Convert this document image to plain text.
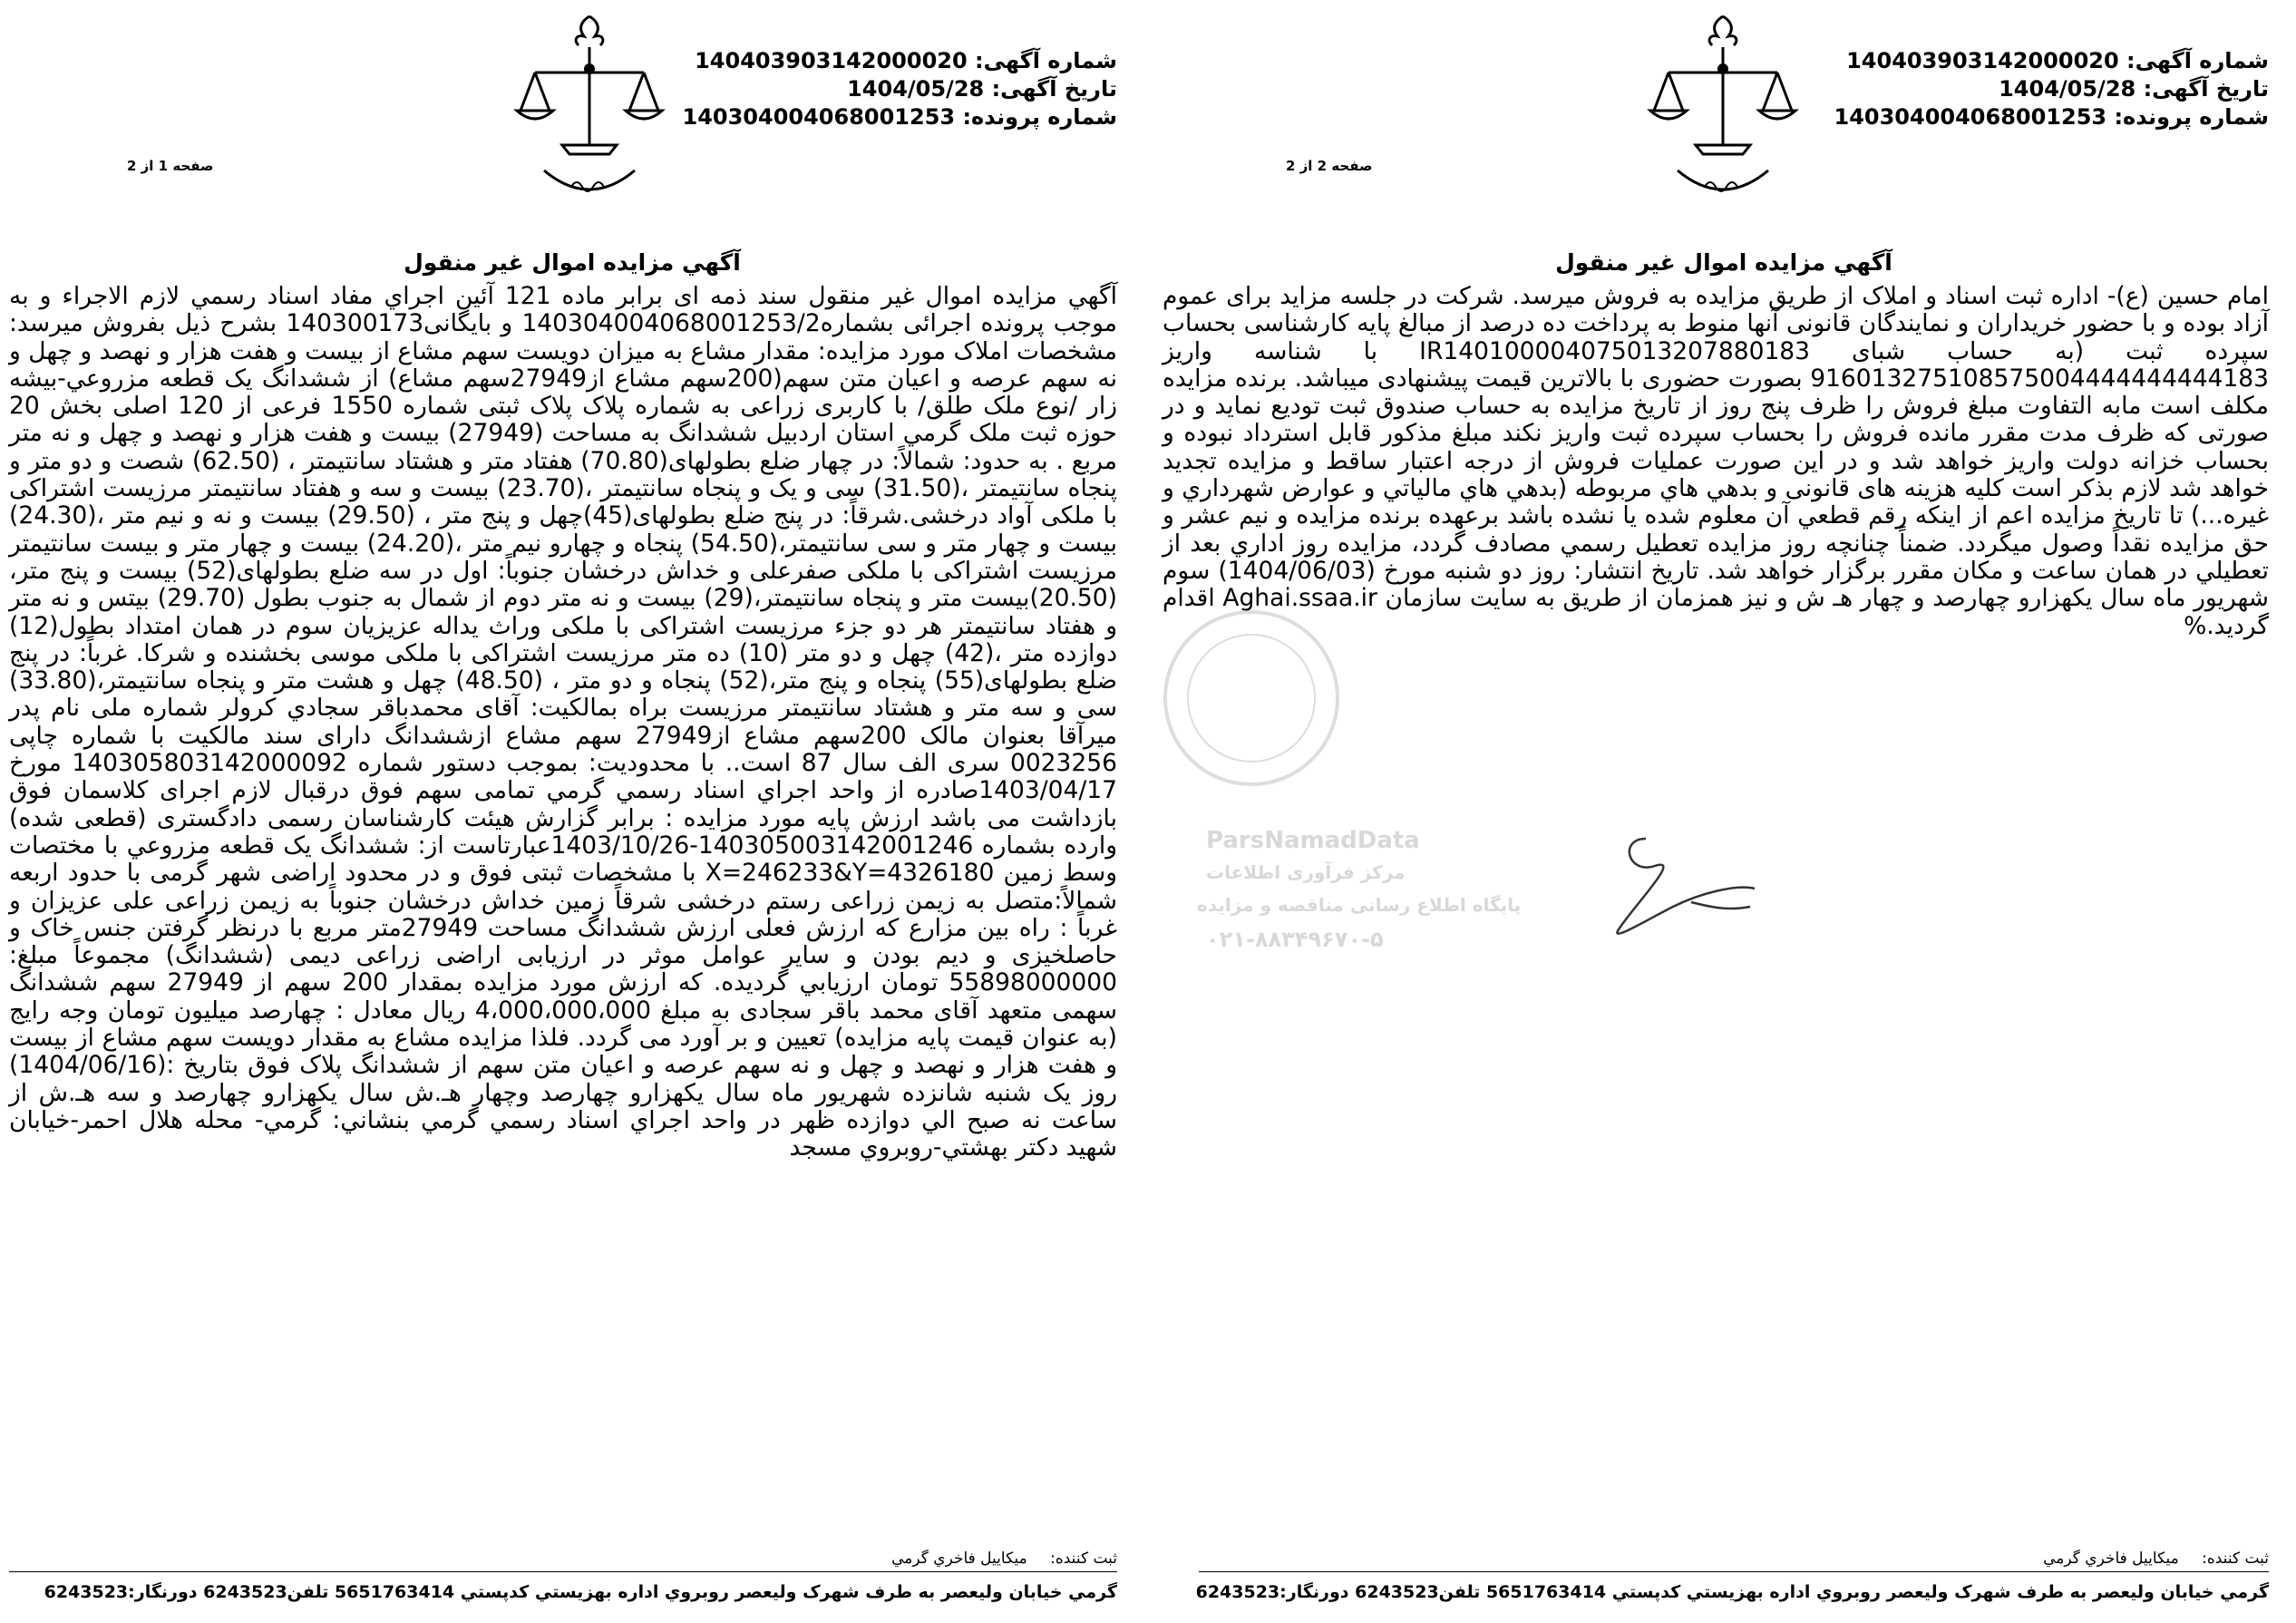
شماره آگهی: 140403903142000020
تاریخ آگهی: 1404/05/28
شماره پرونده: 140304004068001253
صفحه 1 از 2
آگهي مزايده اموال غير منقول

آگهي مزايده اموال غير منقول سند ذمه ای برابر ماده 121 آئين اجراي مفاد اسناد رسمي لازم الاجراء و به موجب پرونده اجرائی بشماره140304004068001253/2 و بايگانی140300173 بشرح ذيل بفروش ميرسد: مشخصات املاک مورد مزايده: مقدار مشاع به ميزان دويست سهم مشاع از بيست و هفت هزار و نهصد و چهل و نه سهم عرصه و اعيان متن سهم(200سهم مشاع از27949سهم مشاع) از ششدانگ یک قطعه مزروعي-بيشه زار /نوع ملک طلق/ با کاربری زراعی به شماره پلاک پلاک ثبتی شماره 1550 فرعی از 120 اصلی بخش 20 حوزه ثبت ملک گرمي استان اردبيل ششدانگ به مساحت (27949) بيست و هفت هزار و نهصد و چهل و نه متر مربع . به حدود: شمالاً: در چهار ضلع بطولهای(70.80) هفتاد متر و هشتاد سانتيمتر ، (62.50) شصت و دو متر و پنجاه سانتيمتر ،(31.50) سی و یک و پنجاه سانتيمتر ،(23.70) بيست و سه و هفتاد سانتيمتر مرزيست اشتراکی با ملکی آواد درخشی.شرقاً: در پنج ضلع بطولهای(45)چهل و پنج متر ، (29.50) بيست و نه و نيم متر ،(24.30) بيست و چهار متر و سی سانتيمتر،(54.50) پنجاه و چهارو نيم متر ،(24.20) بيست و چهار متر و بيست سانتيمتر مرزيست اشتراکی با ملکی صفرعلی و خداش درخشان جنوباً: اول در سه ضلع بطولهای(52) بيست و پنج متر،(20.50)بيست متر و پنجاه سانتيمتر،(29) بيست و نه متر دوم از شمال به جنوب بطول (29.70) بيتس و نه متر و هفتاد سانتيمتر هر دو جزء مرزيست اشتراکی با ملکی وراث يداله عزيزيان سوم در همان امتداد بطول(12) دوازده متر ،(42) چهل و دو متر (10) ده متر مرزيست اشتراکی با ملکی موسی بخشنده و شرکا. غرباً: در پنج ضلع بطولهای(55) پنجاه و پنج متر،(52) پنجاه و دو متر ، (48.50) چهل و هشت متر و پنجاه سانتيمتر،(33.80) سی و سه متر و هشتاد سانتيمتر مرزيست براه بمالکيت: آقای محمدباقر سجادي کرولر شماره ملی نام پدر ميرآقا بعنوان مالک 200سهم مشاع از27949 سهم مشاع ازششدانگ دارای سند مالکيت با شماره چاپی 0023256 سری الف سال 87 است.. با محدوديت: بموجب دستور شماره 140305803142000092 مورخ 1403/04/17صادره از واحد اجراي اسناد رسمي گرمي تمامی سهم فوق درقبال لازم اجرای کلاسمان فوق بازداشت می باشد ارزش پايه مورد مزايده : برابر گزارش هيئت کارشناسان رسمی دادگستری (قطعی شده) وارده بشماره 140305003142001246-1403/10/26عبارتاست از: ششدانگ یک قطعه مزروعي با مختصات وسط زمين X=246233&Y=4326180 با مشخصات ثبتی فوق و در محدود اراضی شهر گرمی با حدود اربعه شمالاً:متصل به زيمن زراعی رستم درخشی شرقاً زمين خداش درخشان جنوباً به زيمن زراعی علی عزيزان و غرباً : راه بين مزارع که ارزش فعلی ارزش ششدانگ مساحت 27949متر مربع با درنظر گرفتن جنس خاک و حاصلخيزی و ديم بودن و ساير عوامل موثر در ارزيابی اراضی زراعی ديمی (ششدانگ) مجموعاً مبلغ: 55898000000 تومان ارزيابي گرديده. که ارزش مورد مزايده بمقدار 200 سهم از 27949 سهم ششدانگ سهمی متعهد آقای محمد باقر سجادی به مبلغ 4،000،000،000 ريال معادل : چهارصد ميليون تومان وجه رايج (به عنوان قيمت پايه مزايده) تعيين و بر آورد می گردد. فلذا مزايده مشاع به مقدار دويست سهم مشاع از بيست و هفت هزار و نهصد و چهل و نه سهم عرصه و اعيان متن سهم از ششدانگ پلاک فوق بتاريخ :(1404/06/16) روز يک شنبه شانزده شهريور ماه سال يکهزارو چهارصد وچهار هـ.ش سال يکهزارو چهارصد و سه هـ.ش از ساعت نه صبح الي دوازده ظهر در واحد اجراي اسناد رسمي گرمي بنشاني: گرمي- محله هلال احمر-خيابان شهيد دکتر بهشتي-روبروي مسجد

ثبت کننده: ميکاييل فاخري گرمي
گرمي خيابان وليعصر به طرف شهرک وليعصر روبروي اداره بهزيستي کدپستي 5651763414 تلفن6243523 دورنگار:6243523
شماره آگهی: 140403903142000020
تاریخ آگهی: 1404/05/28
شماره پرونده: 140304004068001253
صفحه 2 از 2
آگهي مزايده اموال غير منقول

امام حسين (ع)- اداره ثبت اسناد و املاک از طريق مزايده به فروش ميرسد. شرکت در جلسه مزايد برای عموم آزاد بوده و با حضور خريداران و نمايندگان قانونی آنها منوط به پرداخت ده درصد از مبالغ پايه کارشناسی بحساب سپرده ثبت (به حساب شبای IR140100004075013207880183 با شناسه واريز 916013275108575004444444444183 بصورت حضوری با بالاترين قيمت پيشنهادی ميباشد. برنده مزايده مکلف است مابه التفاوت مبلغ فروش را ظرف پنج روز از تاريخ مزايده به حساب صندوق ثبت توديع نمايد و در صورتی که ظرف مدت مقرر مانده فروش را بحساب سپرده ثبت واريز نکند مبلغ مذکور قابل استرداد نبوده و بحساب خزانه دولت واريز خواهد شد و در اين صورت عمليات فروش از درجه اعتبار ساقط و مزايده تجديد خواهد شد لازم بذکر است کليه هزينه های قانونی و بدهي هاي مربوطه (بدهي هاي مالياتي و عوارض شهرداري و غيره...) تا تاريخ مزايده اعم از اينکه رقم قطعي آن معلوم شده يا نشده باشد برعهده برنده مزايده و نيم عشر و حق مزايده نقداً وصول ميگردد. ضمناً چنانچه روز مزايده تعطيل رسمي مصادف گردد، مزايده روز اداري بعد از تعطيلي در همان ساعت و مکان مقرر برگزار خواهد شد. تاريخ انتشار: روز دو شنبه مورخ (1404/06/03) سوم شهريور ماه سال يکهزارو چهارصد و چهار هـ ش و نيز همزمان از طريق به سايت سازمان Aghai.ssaa.ir اقدام گرديد.%

ثبت کننده: ميکاييل فاخري گرمي
گرمي خيابان وليعصر به طرف شهرک وليعصر روبروي اداره بهزيستي کدپستي 5651763414 تلفن6243523 دورنگار:6243523
ParsNamadData
مرکز فرآوری اطلاعات
پایگاه اطلاع رسانی مناقصه و مزایده
۰۲۱-۸۸۳۴۹۶۷۰-۵
